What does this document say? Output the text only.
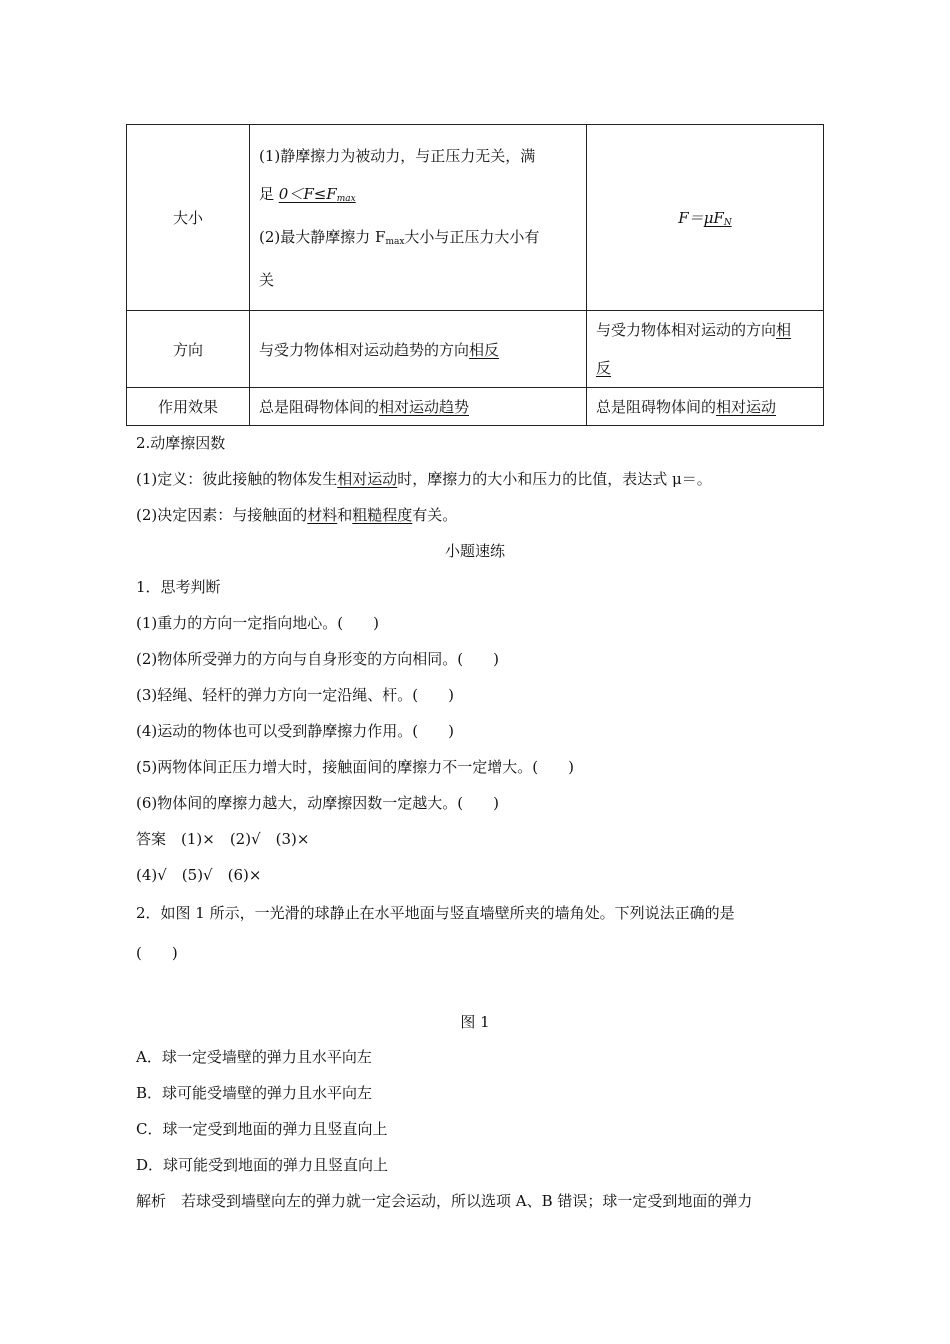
大小	(1)静摩擦力为被动力，与正压力无关，满
足 $0<F\le F_{max}$
(2)最大静摩擦力 $F_{max}$大小与正压力大小有
关	$F=\mu F_N$
方向	与受力物体相对运动趋势的方向相反	与受力物体相对运动的方向相
反

作用效果	总是阻碍物体间的相对运动趋势	总是阻碍物体间的相对运动
2.动摩擦因数
(1)定义：彼此接触的物体发生相对运动时，摩擦力的大小和压力的比值，表达式 μ＝。
(2)决定因素：与接触面的材料和粗糙程度有关。
小题速练
1．思考判断
(1)重力的方向一定指向地心。(　　)
(2)物体所受弹力的方向与自身形变的方向相同。(　　)
(3)轻绳、轻杆的弹力方向一定沿绳、杆。(　　)
(4)运动的物体也可以受到静摩擦力作用。(　　)
(5)两物体间正压力增大时，接触面间的摩擦力不一定增大。(　　)
(6)物体间的摩擦力越大，动摩擦因数一定越大。(　　)
答案　(1)×　(2)√　(3)×
(4)√　(5)√　(6)×
2．如图 1 所示，一光滑的球静止在水平地面与竖直墙壁所夹的墙角处。下列说法正确的是
(　　)
图 1
A．球一定受墙壁的弹力且水平向左
B．球可能受墙壁的弹力且水平向左
C．球一定受到地面的弹力且竖直向上
D．球可能受到地面的弹力且竖直向上
解析　若球受到墙壁向左的弹力就一定会运动，所以选项 A、B 错误；球一定受到地面的弹力
